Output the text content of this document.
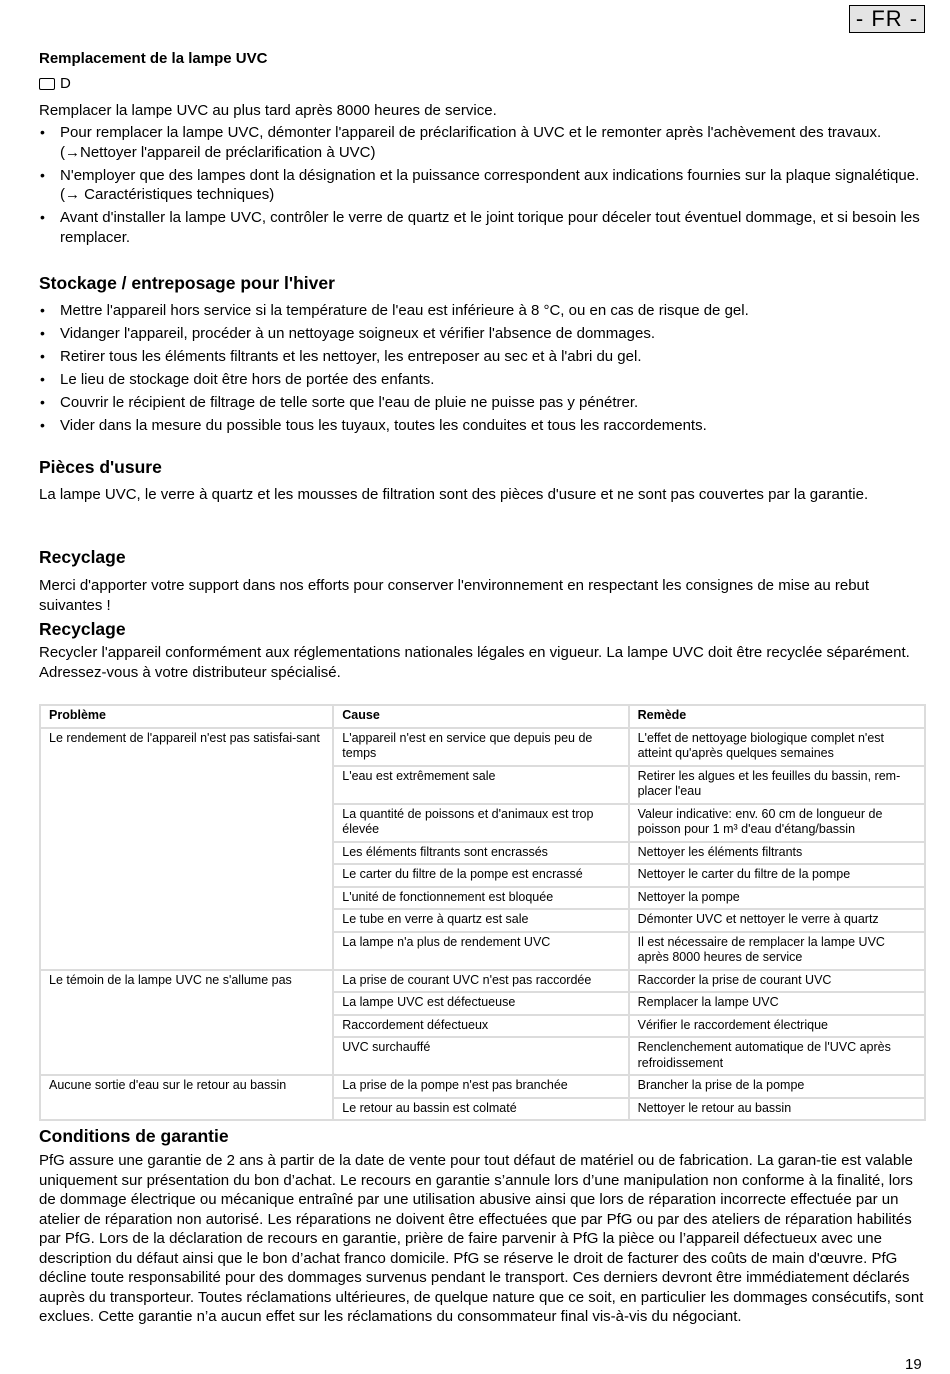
- FR -
Remplacement de la lampe UVC
D
Remplacer la lampe UVC au plus tard après 8000 heures de service.
• Pour remplacer la lampe UVC, démonter l'appareil de préclarification à UVC et le remonter après l'achèvement des travaux. (→Nettoyer l'appareil de préclarification à UVC)
• N'employer que des lampes dont la désignation et la puissance correspondent aux indications fournies sur la plaque signalétique. (→ Caractéristiques techniques)
• Avant d'installer la lampe UVC, contrôler le verre de quartz et le joint torique pour déceler tout éventuel dommage, et si besoin les remplacer.
Stockage / entreposage pour l'hiver
• Mettre l'appareil hors service si la température de l'eau est inférieure à 8 °C, ou en cas de risque de gel.
• Vidanger l'appareil, procéder à un nettoyage soigneux et vérifier l'absence de dommages.
• Retirer tous les éléments filtrants et les nettoyer, les entreposer au sec et à l'abri du gel.
• Le lieu de stockage doit être hors de portée des enfants.
• Couvrir le récipient de filtrage de telle sorte que l'eau de pluie ne puisse pas y pénétrer.
• Vider dans la mesure du possible tous les tuyaux, toutes les conduites et tous les raccordements.
Pièces d'usure
La lampe UVC, le verre à quartz et les mousses de filtration sont des pièces d'usure et ne sont pas couvertes par la garantie.
Recyclage
Merci d'apporter votre support dans nos efforts pour conserver l'environnement en respectant les consignes de mise au rebut suivantes !
Recyclage
Recycler l'appareil conformément aux réglementations nationales légales en vigueur. La lampe UVC doit être recyclée séparément. Adressez-vous à votre distributeur spécialisé.
Problème	Cause	Remède
Le rendement de l'appareil n'est pas satisfai-sant	L'appareil n'est en service que depuis peu de temps	L'effet de nettoyage biologique complet n'est atteint qu'après quelques semaines
	L'eau est extrêmement sale	Retirer les algues et les feuilles du bassin, rem-placer l'eau
	La quantité de poissons et d'animaux est trop élevée	Valeur indicative: env. 60 cm de longueur de poisson pour 1 m³ d'eau d'étang/bassin
	Les éléments filtrants sont encrassés	Nettoyer les éléments filtrants
	Le carter du filtre de la pompe est encrassé	Nettoyer le carter du filtre de la pompe
	L'unité de fonctionnement est bloquée	Nettoyer la pompe
	Le tube en verre à quartz est sale	Démonter UVC et nettoyer le verre à quartz
	La lampe n'a plus de rendement UVC	Il est nécessaire de remplacer la lampe UVC après 8000 heures de service
Le témoin de la lampe UVC ne s'allume pas	La prise de courant UVC n'est pas raccordée	Raccorder la prise de courant UVC
	La lampe UVC est défectueuse	Remplacer la lampe UVC
	Raccordement défectueux	Vérifier le raccordement électrique
	UVC surchauffé	Renclenchement automatique de l'UVC après refroidissement
Aucune sortie d'eau sur le retour au bassin	La prise de la pompe n'est pas branchée	Brancher la prise de la pompe
	Le retour au bassin est colmaté	Nettoyer le retour au bassin
Conditions de garantie
PfG assure une garantie de 2 ans à partir de la date de vente pour tout défaut de matériel ou de fabrication. La garan-tie est valable uniquement sur présentation du bon d’achat. Le recours en garantie s’annule lors d’une manipulation non conforme à la finalité, lors de dommage électrique ou mécanique entraîné par une utilisation abusive ainsi que lors de réparation incorrecte effectuée par un atelier de réparation non autorisé. Les réparations ne doivent être effectuées que par PfG ou par des ateliers de réparation habilités par PfG. Lors de la déclaration de recours en garantie, prière de faire parvenir à PfG la pièce ou l’appareil défectueux avec une description du défaut ainsi que le bon d’achat franco domicile. PfG se réserve le droit de facturer des coûts de main d'œuvre. PfG décline toute responsabilité pour des dommages survenus pendant le transport. Ces derniers devront être immédiatement déclarés auprès du transporteur. Toutes réclamations ultérieures, de quelque nature que ce soit, en particulier les dommages consécutifs, sont exclues. Cette garantie n’a aucun effet sur les réclamations du consommateur final vis-à-vis du négociant.
19
